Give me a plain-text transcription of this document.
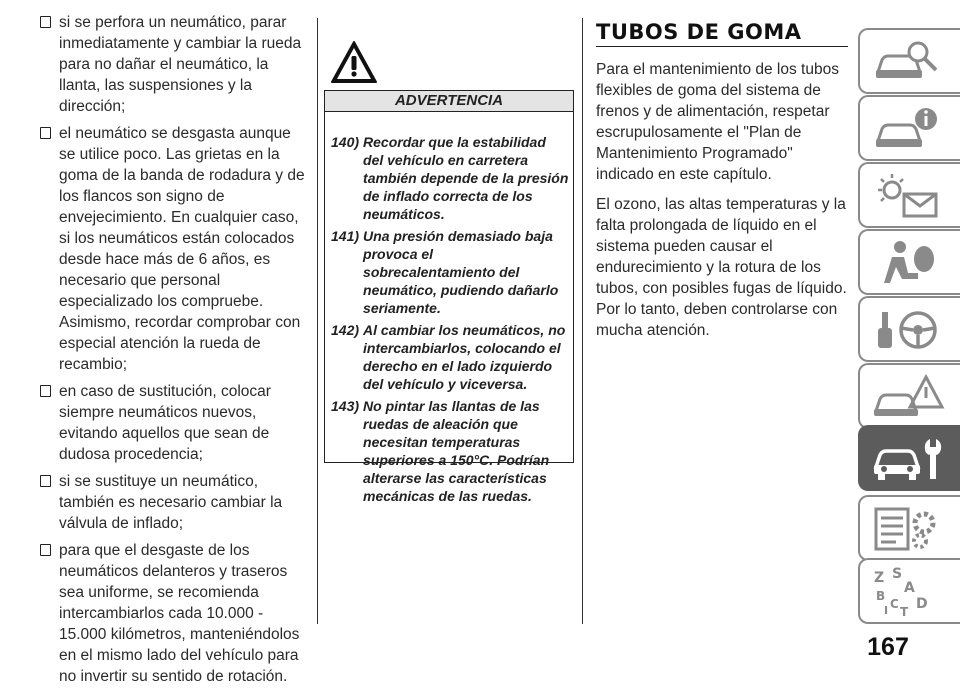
si se perfora un neumático, parar inmediatamente y cambiar la rueda para no dañar el neumático, la llanta, las suspensiones y la dirección;
el neumático se desgasta aunque se utilice poco. Las grietas en la goma de la banda de rodadura y de los flancos son signo de envejecimiento. En cualquier caso, si los neumáticos están colocados desde hace más de 6 años, es necesario que personal especializado los compruebe. Asimismo, recordar comprobar con especial atención la rueda de recambio;
en caso de sustitución, colocar siempre neumáticos nuevos, evitando aquellos que sean de dudosa procedencia;
si se sustituye un neumático, también es necesario cambiar la válvula de inflado;
para que el desgaste de los neumáticos delanteros y traseros sea uniforme, se recomienda intercambiarlos cada 10.000 - 15.000 kilómetros, manteniéndolos en el mismo lado del vehículo para no invertir su sentido de rotación.
ADVERTENCIA
140) Recordar que la estabilidad del vehículo en carretera también depende de la presión de inflado correcta de los neumáticos.
141) Una presión demasiado baja provoca el sobrecalentamiento del neumático, pudiendo dañarlo seriamente.
142) Al cambiar los neumáticos, no intercambiarlos, colocando el derecho en el lado izquierdo del vehículo y viceversa.
143) No pintar las llantas de las ruedas de aleación que necesitan temperaturas superiores a 150°C. Podrían alterarse las características mecánicas de las ruedas.
TUBOS DE GOMA

Para el mantenimiento de los tubos flexibles de goma del sistema de frenos y de alimentación, respetar escrupulosamente el "Plan de Mantenimiento Programado" indicado en este capítulo.

El ozono, las altas temperaturas y la falta prolongada de líquido en el sistema pueden causar el endurecimiento y la rotura de los tubos, con posibles fugas de líquido. Por lo tanto, deben controlarse con mucha atención.

Z S
A
B
C D
I T
167
